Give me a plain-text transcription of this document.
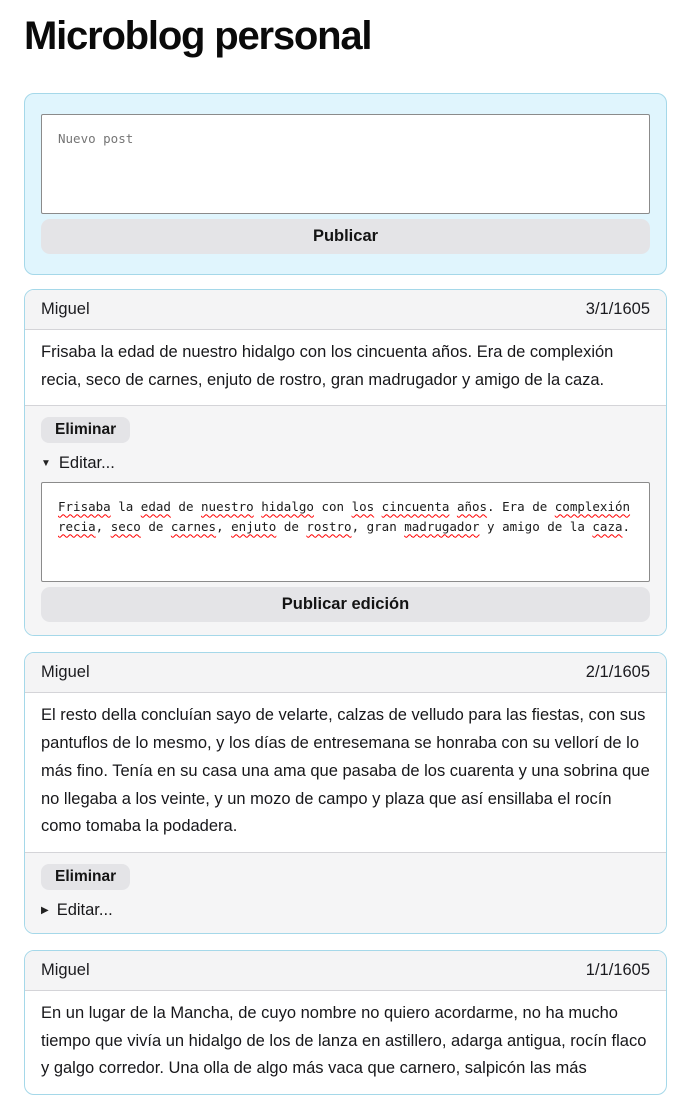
Microblog personal
Nuevo post
Publicar
Miguel	3/1/1605
Frisaba la edad de nuestro hidalgo con los cincuenta años. Era de complexión recia, seco de carnes, enjuto de rostro, gran madrugador y amigo de la caza.
Eliminar
▼ Editar...
Frisaba la edad de nuestro hidalgo con los cincuenta años. Era de complexión recia, seco de carnes, enjuto de rostro, gran madrugador y amigo de la caza.
Publicar edición
Miguel	2/1/1605
El resto della concluían sayo de velarte, calzas de velludo para las fiestas, con sus pantuflos de lo mesmo, y los días de entresemana se honraba con su vellorí de lo más fino. Tenía en su casa una ama que pasaba de los cuarenta y una sobrina que no llegaba a los veinte, y un mozo de campo y plaza que así ensillaba el rocín como tomaba la podadera.
Eliminar
▶ Editar...
Miguel	1/1/1605
En un lugar de la Mancha, de cuyo nombre no quiero acordarme, no ha mucho tiempo que vivía un hidalgo de los de lanza en astillero, adarga antigua, rocín flaco y galgo corredor. Una olla de algo más vaca que carnero, salpicón las más
